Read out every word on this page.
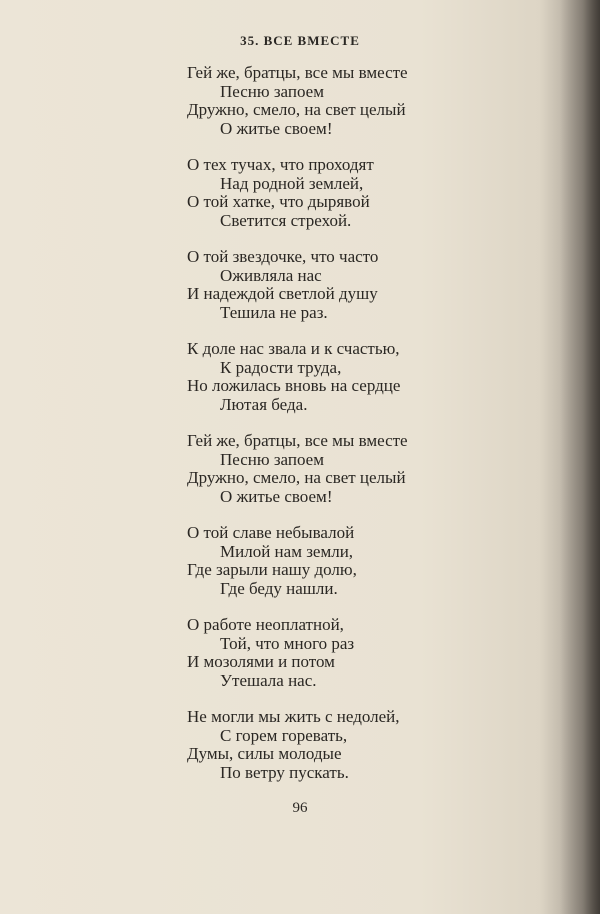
35. ВСЕ ВМЕСТЕ
Гей же, братцы, все мы вместе
Песню запоем
Дружно, смело, на свет целый
О житье своем!
О тех тучах, что проходят
Над родной землей,
О той хатке, что дырявой
Светится стрехой.
О той звездочке, что часто
Оживляла нас
И надеждой светлой душу
Тешила не раз.
К доле нас звала и к счастью,
К радости труда,
Но ложилась вновь на сердце
Лютая беда.
Гей же, братцы, все мы вместе
Песню запоем
Дружно, смело, на свет целый
О житье своем!
О той славе небывалой
Милой нам земли,
Где зарыли нашу долю,
Где беду нашли.
О работе неоплатной,
Той, что много раз
И мозолями и потом
Утешала нас.
Не могли мы жить с недолей,
С горем горевать,
Думы, силы молодые
По ветру пускать.
96
